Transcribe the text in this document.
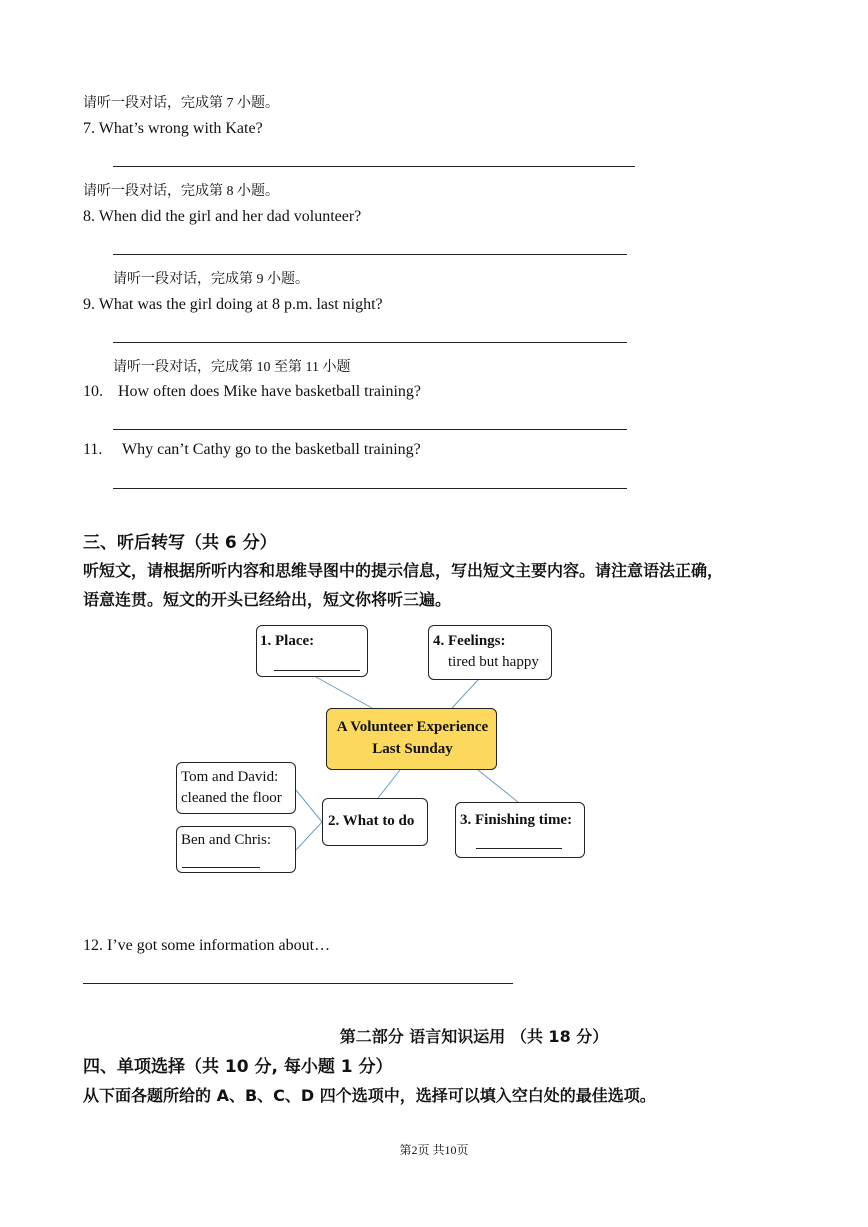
请听一段对话，完成第 7 小题。
7. What’s wrong with Kate?
请听一段对话，完成第 8 小题。
8. When did the girl and her dad volunteer?
请听一段对话，完成第 9 小题。
9. What was the girl doing at 8 p.m. last night?
请听一段对话，完成第 10 至第 11 小题
10. How often does Mike have basketball training?
11. Why can’t Cathy go to the basketball training?
三、听后转写（共 6 分）
听短文，请根据所听内容和思维导图中的提示信息，写出短文主要内容。请注意语法正确，
语意连贯。短文的开头已经给出，短文你将听三遍。
1. Place:	4. Feelings:
tired but happy
A Volunteer Experience
Last Sunday
Tom and David:
cleaned the floor
Ben and Chris:
2. What to do	3. Finishing time:
12. I’ve got some information about…
第二部分 语言知识运用 （共 18 分）
四、单项选择（共 10 分, 每小题 1 分）
从下面各题所给的 A、B、C、D 四个选项中，选择可以填入空白处的最佳选项。
第2页 共10页
